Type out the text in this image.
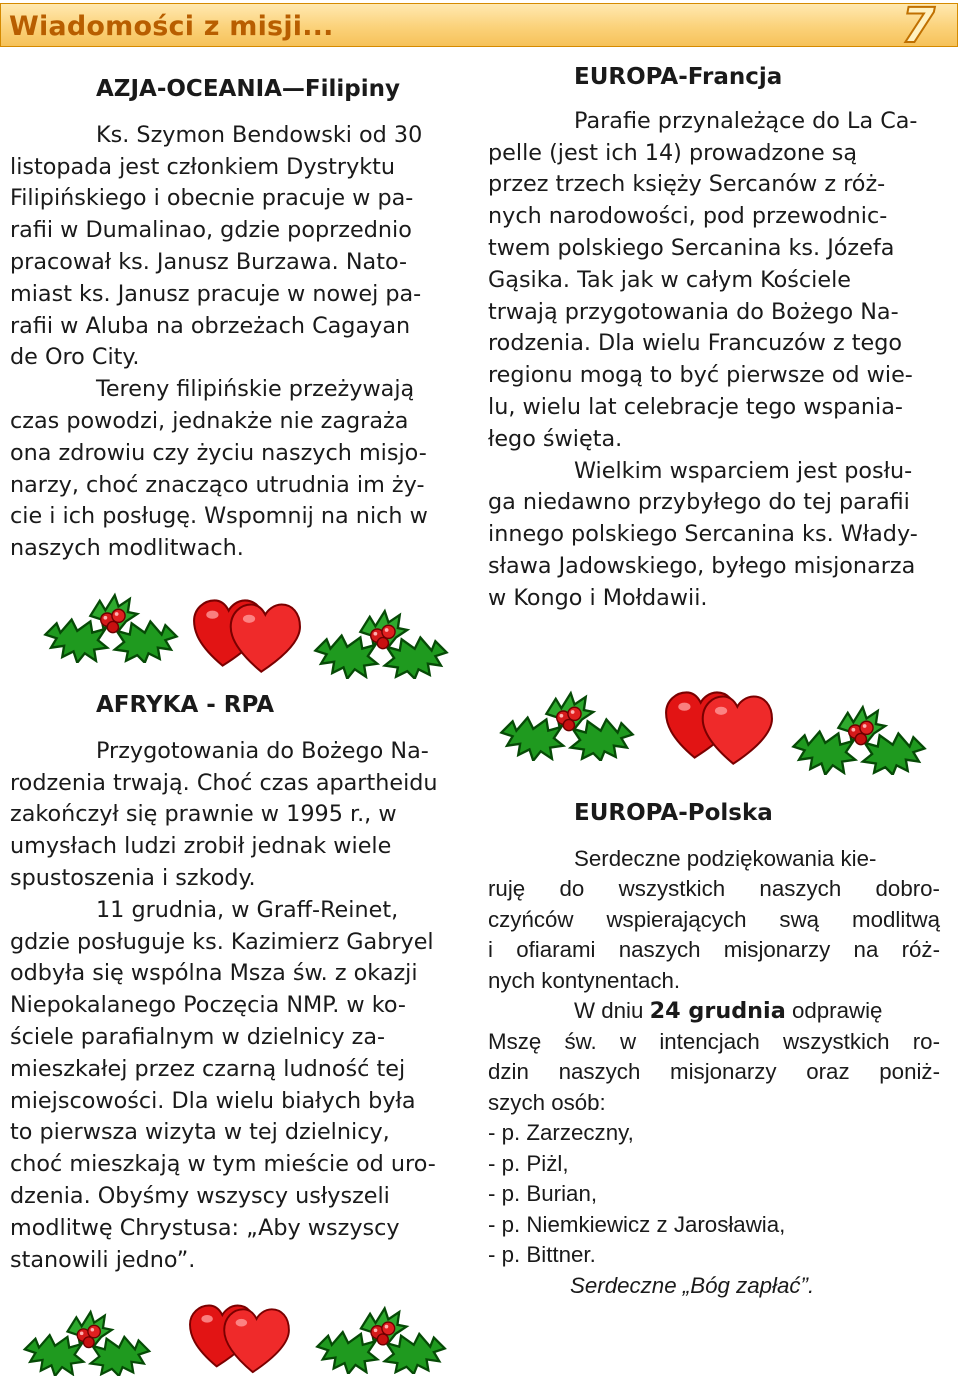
Wiadomości z misji...	7

AZJA-OCEANIA—Filipiny

Ks. Szymon Bendowski od 30

listopada jest członkiem Dystryktu

Filipińskiego i obecnie pracuje w pa-

rafii w Dumalinao, gdzie poprzednio

pracował ks. Janusz Burzawa. Nato-

miast ks. Janusz pracuje w nowej pa-

rafii w Aluba na obrzeżach Cagayan

de Oro City.

Tereny filipińskie przeżywają

czas powodzi, jednakże nie zagraża

ona zdrowiu czy życiu naszych misjo-

narzy, choć znacząco utrudnia im ży-

cie i ich posługę. Wspomnij na nich w

naszych modlitwach.

EUROPA-Francja

Parafie przynależące do La Ca-

pelle (jest ich 14) prowadzone są

przez trzech księży Sercanów z róż-

nych narodowości, pod przewodnic-

twem polskiego Sercanina ks. Józefa

Gąsika. Tak jak w całym Kościele

trwają przygotowania do Bożego Na-

rodzenia. Dla wielu Francuzów z tego

regionu mogą to być pierwsze od wie-

lu, wielu lat celebracje tego wspania-

łego święta.

Wielkim wsparciem jest posłu-

ga niedawno przybyłego do tej parafii

innego polskiego Sercanina ks. Włady-

sława Jadowskiego, byłego misjonarza

w Kongo i Mołdawii.

AFRYKA - RPA

Przygotowania do Bożego Na-

rodzenia trwają. Choć czas apartheidu

zakończył się prawnie w 1995 r., w

umysłach ludzi zrobił jednak wiele

spustoszenia i szkody.

11 grudnia, w Graff-Reinet,

gdzie posługuje ks. Kazimierz Gabryel

odbyła się wspólna Msza św. z okazji

Niepokalanego Poczęcia NMP. w ko-

ściele parafialnym w dzielnicy za-

mieszkałej przez czarną ludność tej

miejscowości. Dla wielu białych była

to pierwsza wizyta w tej dzielnicy,

choć mieszkają w tym mieście od uro-

dzenia. Obyśmy wszyscy usłyszeli

modlitwę Chrystusa: „Aby wszyscy

stanowili jedno”.

EUROPA-Polska

Serdeczne podziękowania kie-

ruję do wszystkich naszych dobro-

czyńców wspierających swą modlitwą

i ofiarami naszych misjonarzy na róż-

nych kontynentach.

W dniu 24 grudnia odprawię

Mszę św. w intencjach wszystkich ro-

dzin naszych misjonarzy oraz poniż-

szych osób:

- p. Zarzeczny,

- p. Piżl,

- p. Burian,

- p. Niemkiewicz z Jarosławia,

- p. Bittner.

Serdeczne „Bóg zapłać”.
